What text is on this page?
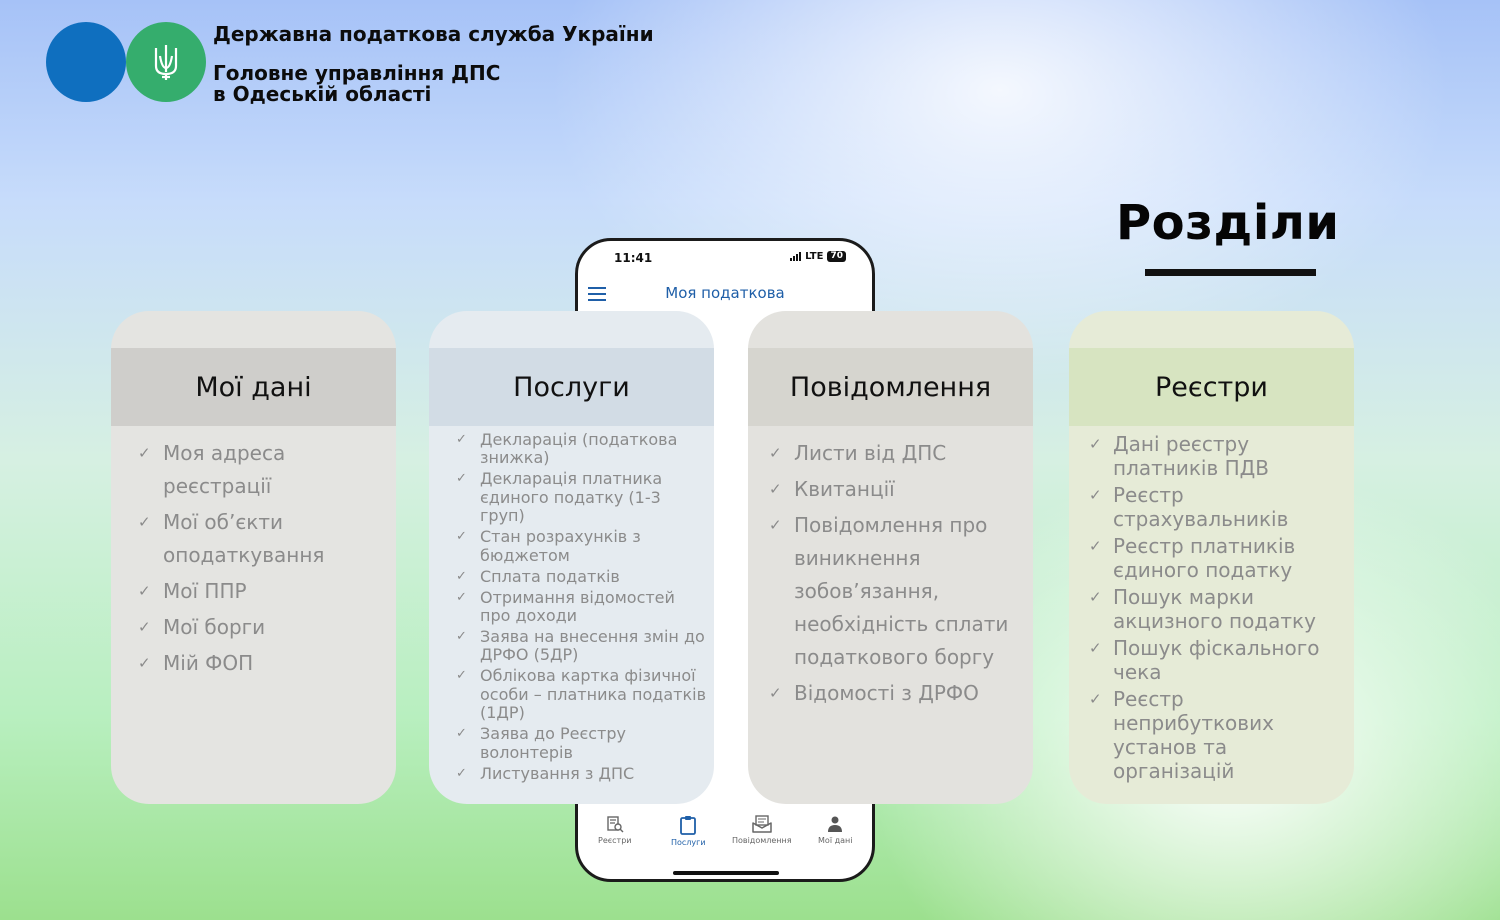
Державна податкова служба України
Головне управління ДПС
в Одеській області
Розділи
11:41	LTE 70
Моя податкова
Реєстри	Послуги	Повідомлення	Мої дані
Мої дані
✓ Моя адреса реєстрації
✓ Мої об’єкти оподаткування
✓ Мої ППР
✓ Мої борги
✓ Мій ФОП
Послуги
✓ Декларація (податкова знижка)
✓ Декларація платника єдиного податку (1-3 груп)
✓ Стан розрахунків з бюджетом
✓ Сплата податків
✓ Отримання відомостей про доходи
✓ Заява на внесення змін до ДРФО (5ДР)
✓ Облікова картка фізичної особи – платника податків (1ДР)
✓ Заява до Реєстру волонтерів
✓ Листування з ДПС
Повідомлення
✓ Листи від ДПС
✓ Квитанції
✓ Повідомлення про виникнення зобов’язання, необхідність сплати податкового боргу
✓ Відомості з ДРФО
Реєстри
✓ Дані реєстру платників ПДВ
✓ Реєстр страхувальників
✓ Реєстр платників єдиного податку
✓ Пошук марки акцизного податку
✓ Пошук фіскального чека
✓ Реєстр неприбуткових установ та організацій
